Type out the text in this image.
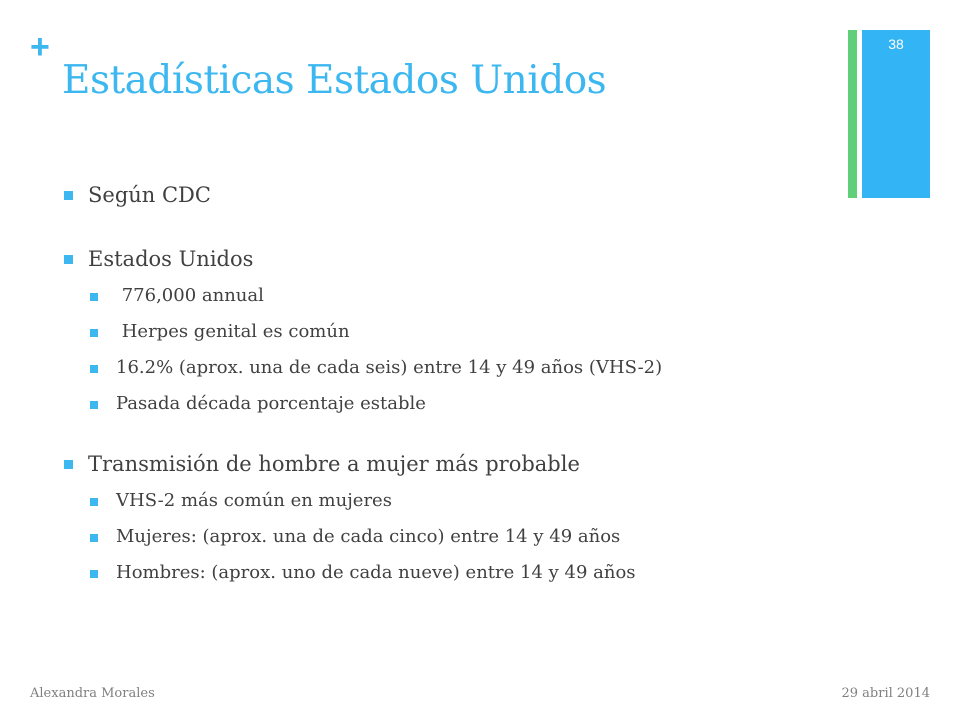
+
Estadísticas Estados Unidos
38
Según CDC
Estados Unidos
776,000 annual
Herpes genital es común
16.2% (aprox. una de cada seis) entre 14 y 49 años (VHS-2)
Pasada década porcentaje estable
Transmisión de hombre a mujer más probable
VHS-2 más común en mujeres
Mujeres: (aprox. una de cada cinco) entre 14 y 49 años
Hombres: (aprox. uno de cada nueve) entre 14 y 49 años
Alexandra Morales	29 abril 2014
